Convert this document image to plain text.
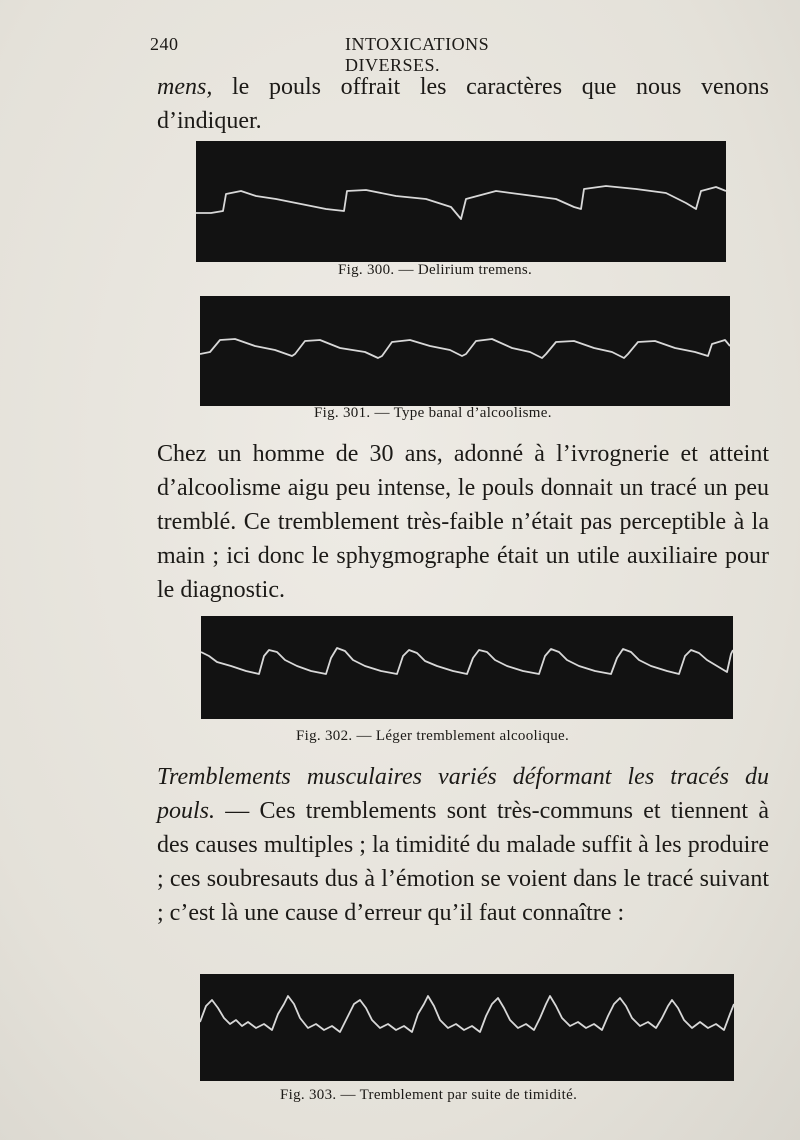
240	INTOXICATIONS DIVERSES.

mens, le pouls offrait les caractères que nous venons d’indiquer.

Fig. 300. — Delirium tremens.
Fig. 301. — Type banal d’alcoolisme.

Chez un homme de 30 ans, adonné à l’ivrognerie et atteint d’alcoolisme aigu peu intense, le pouls donnait un tracé un peu tremblé. Ce tremblement très-faible n’était pas perceptible à la main ; ici donc le sphygmographe était un utile auxiliaire pour le diagnostic.

Fig. 302. — Léger tremblement alcoolique.

Tremblements musculaires variés déformant les tracés du pouls. — Ces tremblements sont très-communs et tiennent à des causes multiples ; la timidité du malade suffit à les produire ; ces soubresauts dus à l’émotion se voient dans le tracé suivant ; c’est là une cause d’erreur qu’il faut connaître :

Fig. 303. — Tremblement par suite de timidité.
